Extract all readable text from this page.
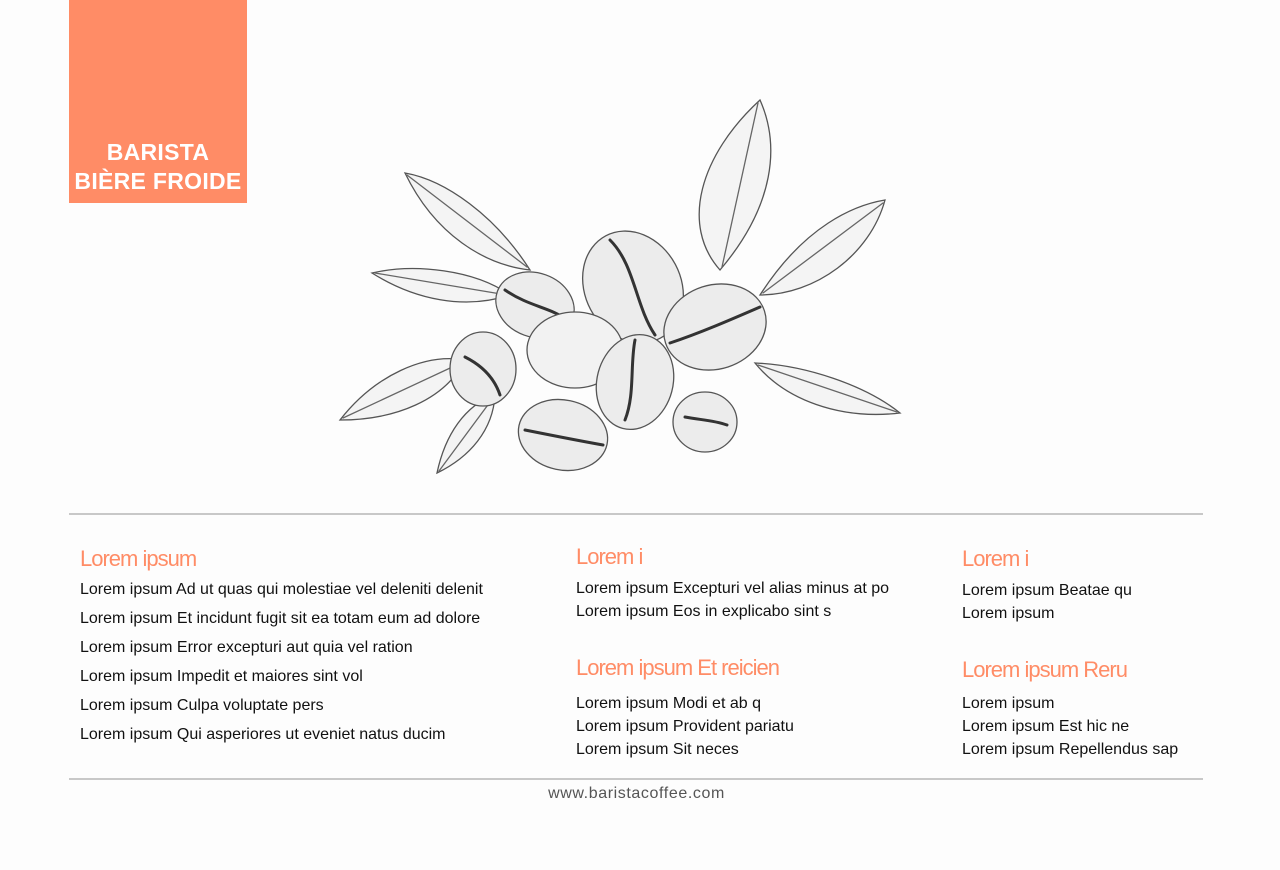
BARISTA
BIÈRE FROIDE
Lorem ipsum
Lorem ipsum Ad ut quas qui molestiae vel deleniti delenit
Lorem ipsum Et incidunt fugit sit ea totam eum ad dolore
Lorem ipsum Error excepturi aut quia vel ration
Lorem ipsum Impedit et maiores sint vol
Lorem ipsum Culpa voluptate pers
Lorem ipsum Qui asperiores ut eveniet natus ducim
Lorem i
Lorem ipsum Excepturi vel alias minus at po
Lorem ipsum Eos in explicabo sint s
Lorem ipsum Et reicien
Lorem ipsum Modi et ab q
Lorem ipsum Provident pariatu
Lorem ipsum Sit neces
Lorem i
Lorem ipsum Beatae qu
Lorem ipsum
Lorem ipsum Reru
Lorem ipsum
Lorem ipsum Est hic ne
Lorem ipsum Repellendus sap
www.baristacoffee.com
